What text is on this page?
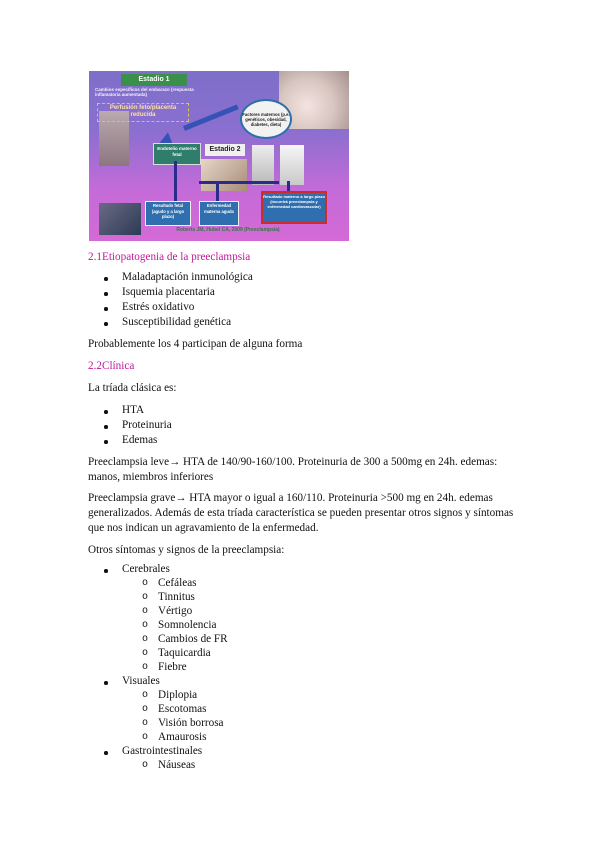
Estadio 1
Cambios específicos del embarazo (respuesta inflamatoria aumentada)
Perfusión feto/placenta reducida	Factores maternos (p.e. genéticos, obesidad, diabetes, dieta)
Endotelio materno fetal
Estadio 2
Resultado fetal (agudo y a largo plazo)
Enfermedad materna aguda
Resultado materno a largo plazo (incurrirá preeclampsia y enfermedad cardiovascular)
Roberts JM, Hubel CA, 2009 (Preeclampsia)
2.1Etiopatogenia de la preeclampsia
Maladaptación inmunológica
Isquemia placentaria
Estrés oxidativo
Susceptibilidad genética
Probablemente los 4 participan de alguna forma
2.2Clínica
La tríada clásica es:
HTA
Proteinuria
Edemas
Preeclampsia leve→ HTA de 140/90-160/100. Proteinuria de 300 a 500mg en 24h. edemas:
manos, miembros inferiores
Preeclampsia grave→ HTA mayor o igual a 160/110. Proteinuria >500 mg en 24h. edemas
generalizados. Además de esta tríada característica se pueden presentar otros signos y síntomas
que nos indican un agravamiento de la enfermedad.
Otros síntomas y signos de la preeclampsia:
Cerebrales
o Cefáleas
o Tinnitus
o Vértigo
o Somnolencia
o Cambios de FR
o Taquicardia
o Fiebre
Visuales
o Diplopia
o Escotomas
o Visión borrosa
o Amaurosis
Gastrointestinales
o Náuseas
